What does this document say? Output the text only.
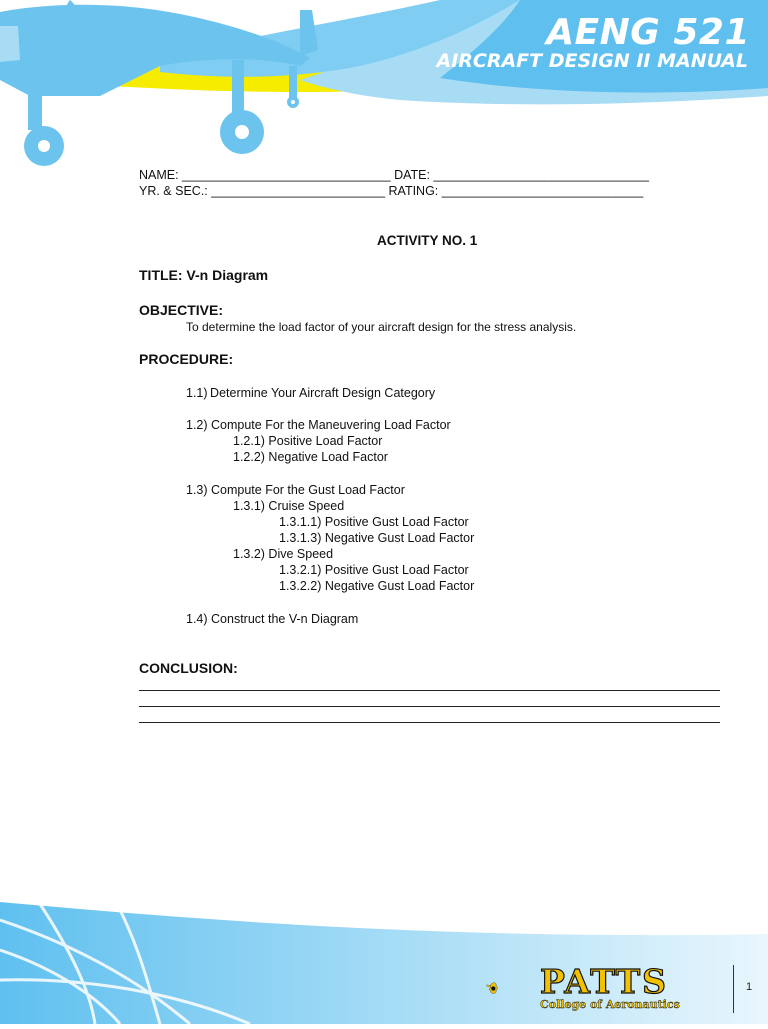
AENG 521
AIRCRAFT DESIGN II MANUAL
NAME: ______________________________ DATE: _______________________________
YR. & SEC.: _________________________ RATING: _____________________________
ACTIVITY NO. 1
TITLE: V-n Diagram
OBJECTIVE:
To determine the load factor of your aircraft design for the stress analysis.
PROCEDURE:
1.1) Determine Your Aircraft Design Category
1.2) Compute For the Maneuvering Load Factor
1.2.1) Positive Load Factor
1.2.2) Negative Load Factor
1.3) Compute For the Gust Load Factor
1.3.1) Cruise Speed
1.3.1.1) Positive Gust Load Factor
1.3.1.3) Negative Gust Load Factor
1.3.2) Dive Speed
1.3.2.1) Positive Gust Load Factor
1.3.2.2) Negative Gust Load Factor
1.4) Construct the V-n Diagram
CONCLUSION:
PATTS
College of Aeronautics
1
